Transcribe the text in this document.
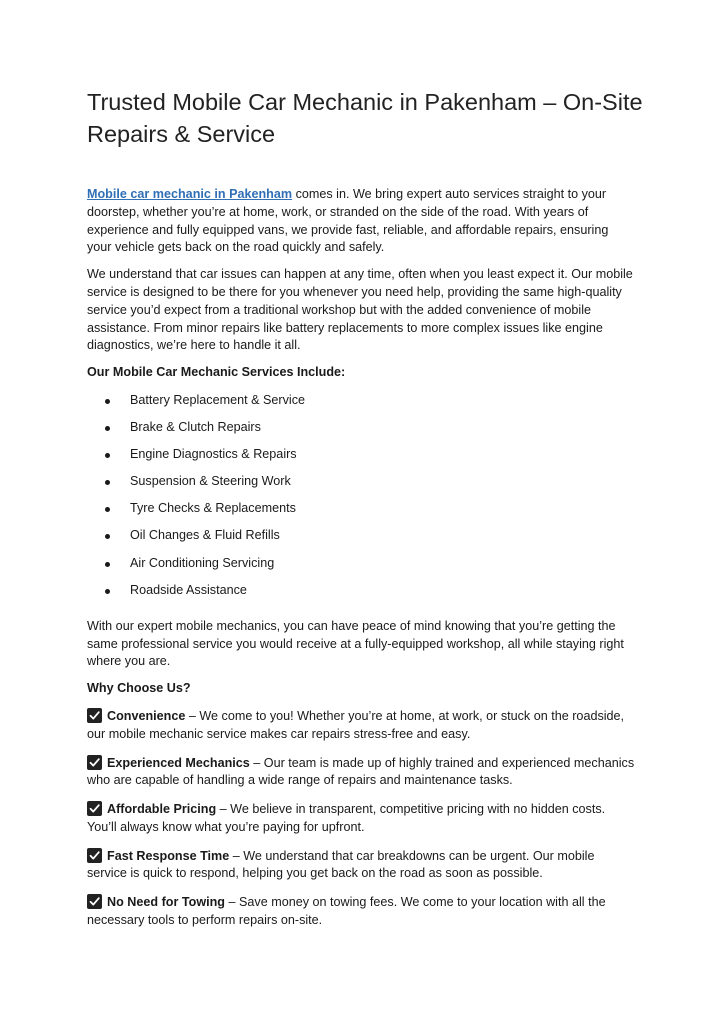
Trusted Mobile Car Mechanic in Pakenham – On-Site Repairs & Service

Mobile car mechanic in Pakenham comes in. We bring expert auto services straight to your doorstep, whether you’re at home, work, or stranded on the side of the road. With years of experience and fully equipped vans, we provide fast, reliable, and affordable repairs, ensuring your vehicle gets back on the road quickly and safely.

We understand that car issues can happen at any time, often when you least expect it. Our mobile service is designed to be there for you whenever you need help, providing the same high-quality service you’d expect from a traditional workshop but with the added convenience of mobile assistance. From minor repairs like battery replacements to more complex issues like engine diagnostics, we’re here to handle it all.

Our Mobile Car Mechanic Services Include:

Battery Replacement & Service
Brake & Clutch Repairs
Engine Diagnostics & Repairs
Suspension & Steering Work
Tyre Checks & Replacements
Oil Changes & Fluid Refills
Air Conditioning Servicing
Roadside Assistance

With our expert mobile mechanics, you can have peace of mind knowing that you’re getting the same professional service you would receive at a fully-equipped workshop, all while staying right where you are.

Why Choose Us?

Convenience – We come to you! Whether you’re at home, at work, or stuck on the roadside, our mobile mechanic service makes car repairs stress-free and easy.

Experienced Mechanics – Our team is made up of highly trained and experienced mechanics who are capable of handling a wide range of repairs and maintenance tasks.

Affordable Pricing – We believe in transparent, competitive pricing with no hidden costs. You’ll always know what you’re paying for upfront.

Fast Response Time – We understand that car breakdowns can be urgent. Our mobile service is quick to respond, helping you get back on the road as soon as possible.

No Need for Towing – Save money on towing fees. We come to your location with all the necessary tools to perform repairs on-site.
